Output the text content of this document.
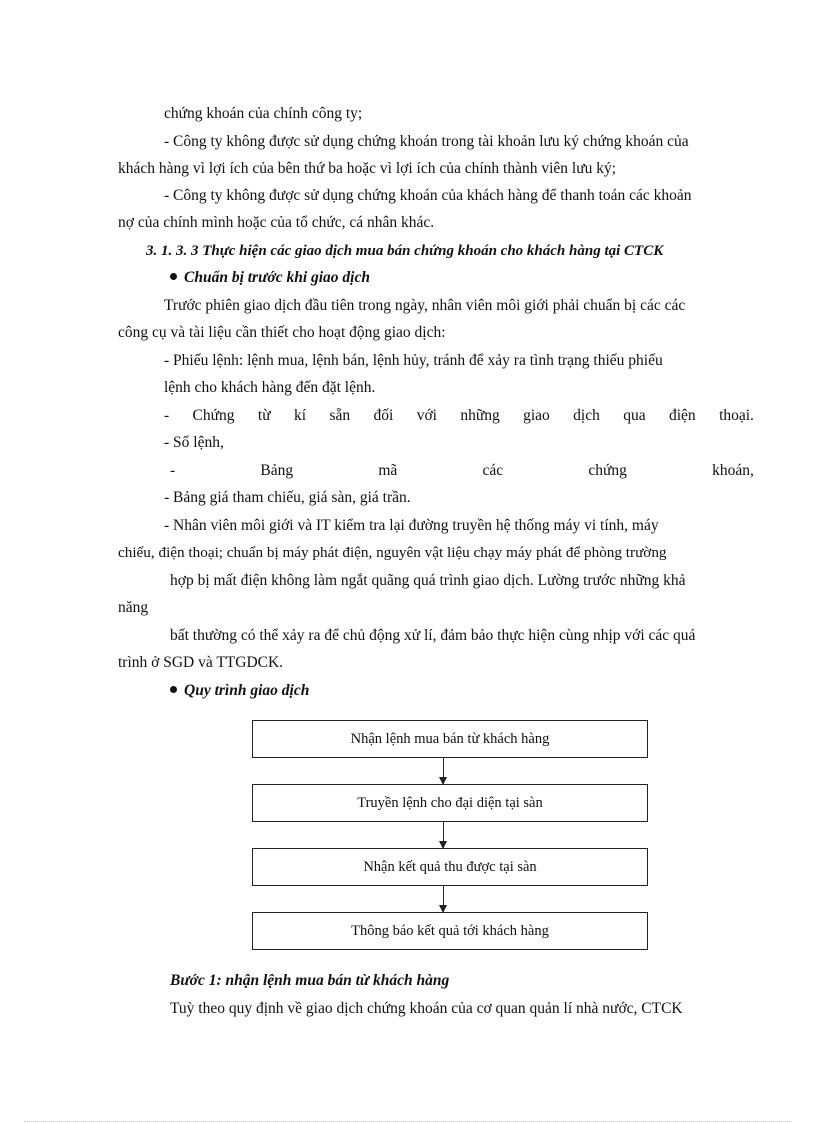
chứng khoán của chính công ty;
- Công ty không được sử dụng chứng khoán trong tài khoản lưu ký chứng khoán của
khách hàng vì lợi ích của bên thứ ba hoặc vì lợi ích của chính thành viên lưu ký;
- Công ty không được sử dụng chứng khoán của khách hàng để thanh toán các khoản
nợ của chính mình hoặc của tổ chức, cá nhân khác.
3. 1. 3. 3 Thực hiện các giao dịch mua bán chứng khoán cho khách hàng tại CTCK
Chuẩn bị trước khi giao dịch
Trước phiên giao dịch đầu tiên trong ngày, nhân viên môi giới phải chuẩn bị các các
công cụ và tài liệu cần thiết cho hoạt động giao dịch:
- Phiếu lệnh: lệnh mua, lệnh bán, lệnh hủy, tránh để xảy ra tình trạng thiếu phiếu
lệnh cho khách hàng đến đặt lệnh.
- Chứng từ kí sẵn đối với những giao dịch qua điện thoại.
- Sổ lệnh,
-	Bảng	mã	các	chứng	khoán,
- Bảng giá tham chiếu, giá sàn, giá trần.
- Nhân viên môi giới và IT kiểm tra lại đường truyền hệ thống máy vi tính, máy
chiếu, điện thoại; chuẩn bị máy phát điện, nguyên vật liệu chạy máy phát để phòng trường
hợp bị mất điện không làm ngắt quãng quá trình giao dịch. Lường trước những khả
năng
bất thường có thể xảy ra để chủ động xử lí, đảm bảo thực hiện cùng nhịp với các quá
trình ở SGD và TTGDCK.
Quy trình giao dịch
Nhận lệnh mua bán từ khách hàng
Truyền lệnh cho đại diện tại sàn
Nhận kết quả thu được tại sàn
Thông báo kết quả tới khách hàng
Bước 1: nhận lệnh mua bán từ khách hàng
Tuỳ theo quy định về giao dịch chứng khoán của cơ quan quản lí nhà nước, CTCK
